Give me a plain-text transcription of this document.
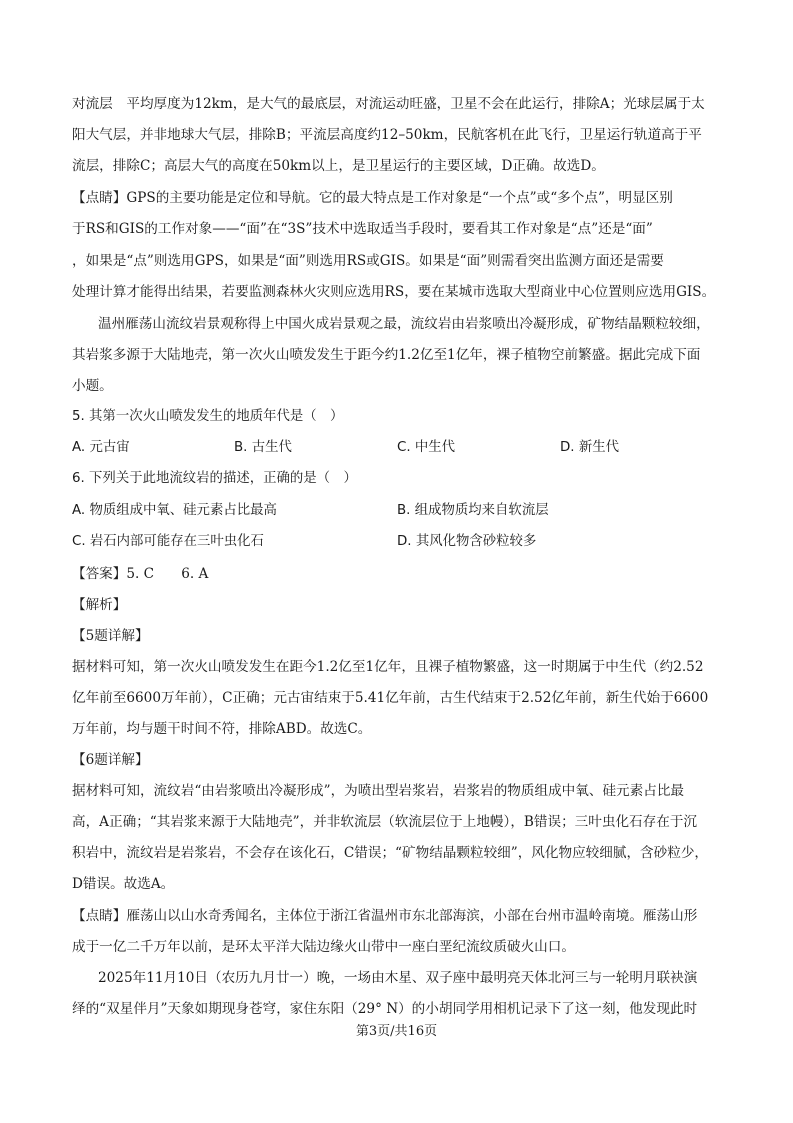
对流层　平均厚度为12km，是大气的最底层，对流运动旺盛，卫星不会在此运行，排除A；光球层属于太
阳大气层，并非地球大气层，排除B；平流层高度约12–50km，民航客机在此飞行，卫星运行轨道高于平
流层，排除C；高层大气的高度在50km以上，是卫星运行的主要区域，D正确。故选D。
【点睛】GPS的主要功能是定位和导航。它的最大特点是工作对象是“一个点”或“多个点”，明显区别
于RS和GIS的工作对象——“面”在“3S”技术中选取适当手段时，要看其工作对象是“点”还是“面”
，如果是“点”则选用GPS，如果是“面”则选用RS或GIS。如果是“面”则需看突出监测方面还是需要
处理计算才能得出结果，若要监测森林火灾则应选用RS，要在某城市选取大型商业中心位置则应选用GIS。
温州雁荡山流纹岩景观称得上中国火成岩景观之最，流纹岩由岩浆喷出冷凝形成，矿物结晶颗粒较细，
其岩浆多源于大陆地壳，第一次火山喷发发生于距今约1.2亿至1亿年，裸子植物空前繁盛。据此完成下面
小题。
5. 其第一次火山喷发发生的地质年代是（　）
A. 元古宙	B. 古生代	C. 中生代	D. 新生代
6. 下列关于此地流纹岩的描述，正确的是（　）
A. 物质组成中氧、硅元素占比最高	B. 组成物质均来自软流层
C. 岩石内部可能存在三叶虫化石	D. 其风化物含砂粒较多
【答案】5. C　　6. A
【解析】
【5题详解】
据材料可知，第一次火山喷发发生在距今1.2亿至1亿年，且裸子植物繁盛，这一时期属于中生代（约2.52
亿年前至6600万年前），C正确；元古宙结束于5.41亿年前，古生代结束于2.52亿年前，新生代始于6600
万年前，均与题干时间不符，排除ABD。故选C。
【6题详解】
据材料可知，流纹岩“由岩浆喷出冷凝形成”，为喷出型岩浆岩，岩浆岩的物质组成中氧、硅元素占比最
高，A正确；“其岩浆来源于大陆地壳”，并非软流层（软流层位于上地幔），B错误；三叶虫化石存在于沉
积岩中，流纹岩是岩浆岩，不会存在该化石，C错误；“矿物结晶颗粒较细”，风化物应较细腻，含砂粒少，
D错误。故选A。
【点睛】雁荡山以山水奇秀闻名，主体位于浙江省温州市东北部海滨，小部在台州市温岭南境。雁荡山形
成于一亿二千万年以前，是环太平洋大陆边缘火山带中一座白垩纪流纹质破火山口。
2025年11月10日（农历九月廿一）晚，一场由木星、双子座中最明亮天体北河三与一轮明月联袂演
绎的“双星伴月”天象如期现身苍穹，家住东阳（29° N）的小胡同学用相机记录下了这一刻，他发现此时
第3页/共16页
